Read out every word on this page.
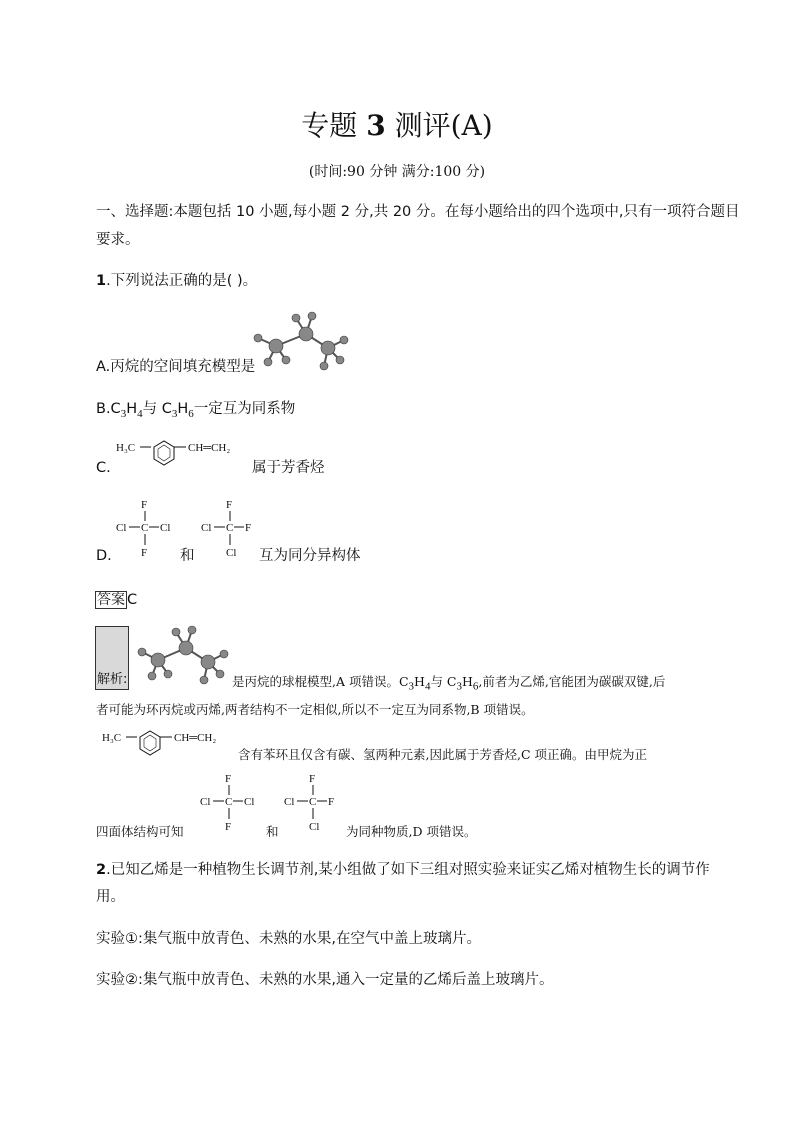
专题 3 测评(A)
(时间:90 分钟 满分:100 分)
一、选择题:本题包括 10 小题,每小题 2 分,共 20 分。在每小题给出的四个选项中,只有一项符合题目
要求。
1.下列说法正确的是( )。
A.丙烷的空间填充模型是
$B.C_3H_4$与 $C_3H_6$一定互为同系物
C.
H₃C	CH═CH₂
属于芳香烃
D.
F
Cl C Cl
F 和
F
Cl C F
Cl 互为同分异构体
答案 C
解析:	是丙烷的球棍模型,A 项错误。$C_3H_4$与 $C_3H_6$,前者为乙烯,官能团为碳碳双键,后
者可能为环丙烷或丙烯,两者结构不一定相似,所以不一定互为同系物,B 项错误。
H₃C	CH═CH₂
含有苯环且仅含有碳、氢两种元素,因此属于芳香烃,C 项正确。由甲烷为正
四面体结构可知
F
Cl C Cl
F	和
F
Cl C F
Cl 为同种物质,D 项错误。
2.已知乙烯是一种植物生长调节剂,某小组做了如下三组对照实验来证实乙烯对植物生长的调节作
用。
实验①:集气瓶中放青色、未熟的水果,在空气中盖上玻璃片。
实验②:集气瓶中放青色、未熟的水果,通入一定量的乙烯后盖上玻璃片。
